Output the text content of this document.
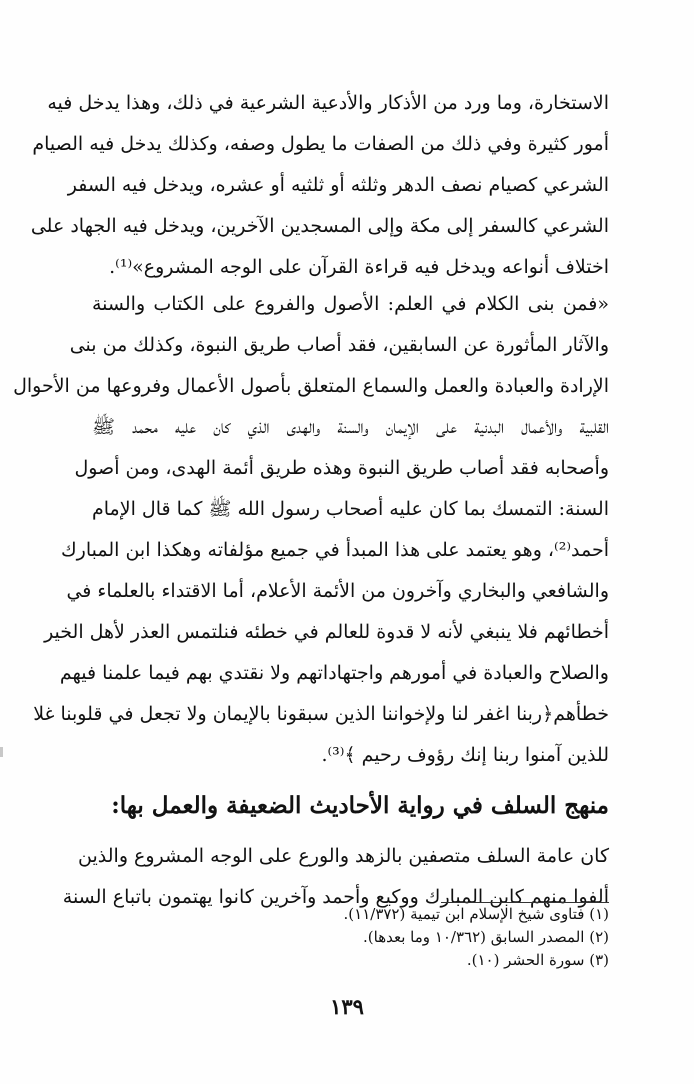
الاستخارة، وما ورد من الأذكار والأدعية الشرعية في ذلك، وهذا يدخل فيه
أمور كثيرة وفي ذلك من الصفات ما يطول وصفه، وكذلك يدخل فيه الصيام
الشرعي كصيام نصف الدهر وثلثه أو ثلثيه أو عشره، ويدخل فيه السفر
الشرعي كالسفر إلى مكة وإلى المسجدين الآخرين، ويدخل فيه الجهاد على
اختلاف أنواعه ويدخل فيه قراءة القرآن على الوجه المشروع»⁽¹⁾.

«فمن بنى الكلام في العلم: الأصول والفروع على الكتاب والسنة
والآثار المأثورة عن السابقين، فقد أصاب طريق النبوة، وكذلك من بنى
الإرادة والعبادة والعمل والسماع المتعلق بأصول الأعمال وفروعها من الأحوال
القلبية والأعمال البدنية على الإيمان والسنة والهدى الذي كان عليه محمد ﷺ
وأصحابه فقد أصاب طريق النبوة وهذه طريق أئمة الهدى، ومن أصول
السنة: التمسك بما كان عليه أصحاب رسول الله ﷺ كما قال الإمام
أحمد⁽²⁾، وهو يعتمد على هذا المبدأ في جميع مؤلفاته وهكذا ابن المبارك
والشافعي والبخاري وآخرون من الأئمة الأعلام، أما الاقتداء بالعلماء في
أخطائهم فلا ينبغي لأنه لا قدوة للعالم في خطئه فنلتمس العذر لأهل الخير
والصلاح والعبادة في أمورهم واجتهاداتهم ولا نقتدي بهم فيما علمنا فيهم
خطأهم﴿ربنا اغفر لنا ولإخواننا الذين سبقونا بالإيمان ولا تجعل في قلوبنا غلا
للذين آمنوا ربنا إنك رؤوف رحيم ﴾⁽³⁾.

منهج السلف في رواية الأحاديث الضعيفة والعمل بها:

كان عامة السلف متصفين بالزهد والورع على الوجه المشروع والذين
ألفوا منهم كابن المبارك ووكيع وأحمد وآخرين كانوا يهتمون باتباع السنة

(١) فتاوى شيخ الإسلام ابن تيمية (١١/٣٧٢).
(٢) المصدر السابق (١٠/٣٦٢ وما بعدها).
(٣) سورة الحشر (١٠).
١٣٩
